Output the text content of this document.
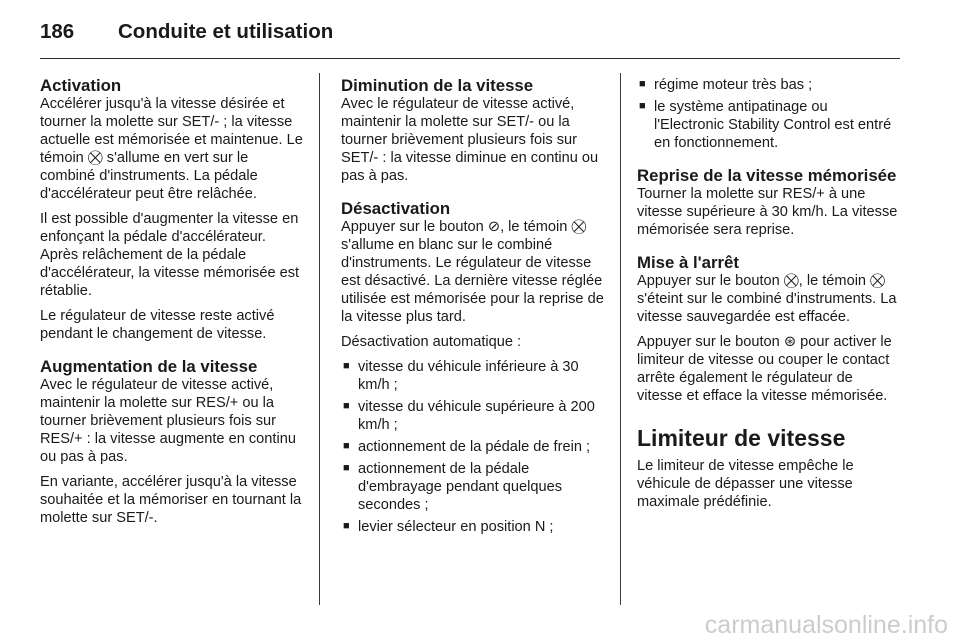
186 Conduite et utilisation
Activation

Accélérer jusqu'à la vitesse désirée et tourner la molette sur SET/- ; la vitesse actuelle est mémorisée et maintenue. Le témoin ⛒ s'allume en vert sur le combiné d'instruments. La pédale d'accélérateur peut être relâchée.

Il est possible d'augmenter la vitesse en enfonçant la pédale d'accélérateur. Après relâchement de la pédale d'accélérateur, la vitesse mémorisée est rétablie.

Le régulateur de vitesse reste activé pendant le changement de vitesse.

Augmentation de la vitesse

Avec le régulateur de vitesse activé, maintenir la molette sur RES/+ ou la tourner brièvement plusieurs fois sur RES/+ : la vitesse augmente en continu ou pas à pas.

En variante, accélérer jusqu'à la vitesse souhaitée et la mémoriser en tournant la molette sur SET/-.

Diminution de la vitesse

Avec le régulateur de vitesse activé, maintenir la molette sur SET/- ou la tourner brièvement plusieurs fois sur SET/- : la vitesse diminue en continu ou pas à pas.

Désactivation

Appuyer sur le bouton ⊘, le témoin ⛒ s'allume en blanc sur le combiné d'instruments. Le régulateur de vitesse est désactivé. La dernière vitesse réglée utilisée est mémorisée pour la reprise de la vitesse plus tard.

Désactivation automatique :

■ vitesse du véhicule inférieure à 30 km/h ;
■ vitesse du véhicule supérieure à 200 km/h ;
■ actionnement de la pédale de frein ;
■ actionnement de la pédale d'embrayage pendant quelques secondes ;
■ levier sélecteur en position N ;
■ régime moteur très bas ;
■ le système antipatinage ou l'Electronic Stability Control est entré en fonctionnement.
Reprise de la vitesse mémorisée

Tourner la molette sur RES/+ à une vitesse supérieure à 30 km/h. La vitesse mémorisée sera reprise.

Mise à l'arrêt

Appuyer sur le bouton ⛒, le témoin ⛒ s'éteint sur le combiné d'instruments. La vitesse sauvegardée est effacée.

Appuyer sur le bouton ⊛ pour activer le limiteur de vitesse ou couper le contact arrête également le régulateur de vitesse et efface la vitesse mémorisée.

Limiteur de vitesse

Le limiteur de vitesse empêche le véhicule de dépasser une vitesse maximale prédéfinie.

carmanualsonline.info
